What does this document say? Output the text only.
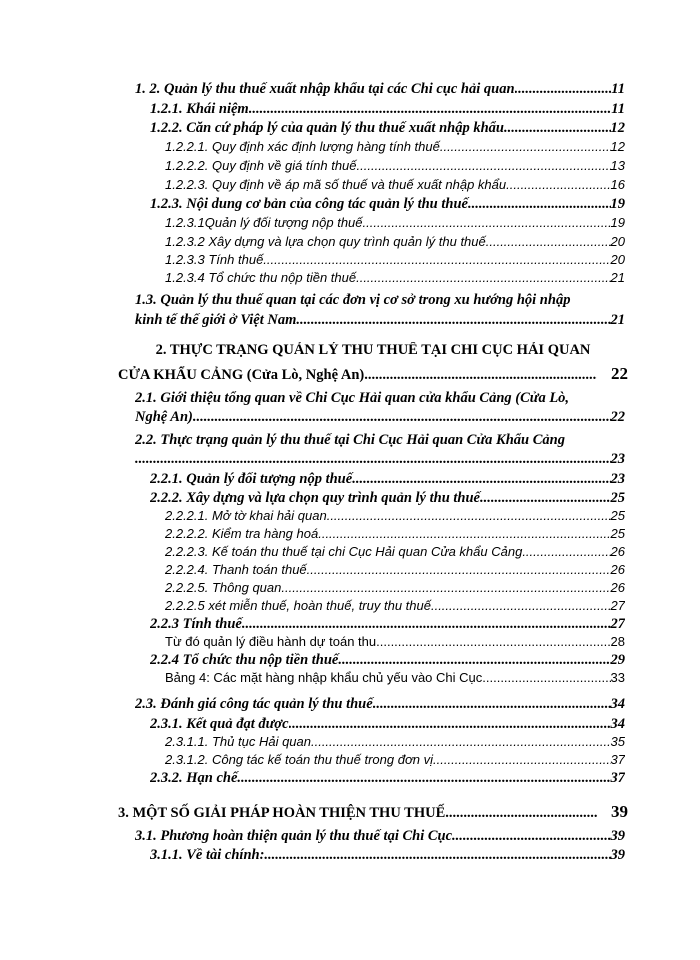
1. 2. Quản lý thu thuế xuất nhập khẩu tại các Chi cục hải quan .....	11
1.2.1. Khái niệm .....	11
1.2.2. Căn cứ pháp lý của quản lý thu thuế xuất nhập khẩu .....	12
1.2.2.1. Quy định xác định lượng hàng tính thuế .....	12
1.2.2.2. Quy định về giá tính thuế .....	13
1.2.2.3. Quy định về áp mã số thuế và thuế xuất nhập khẩu .....	16
1.2.3. Nội dung cơ bản của công tác quản lý thu thuế .....	19
1.2.3.1Quản lý đối tượng nộp thuế .....	19
1.2.3.2 Xây dựng và lựa chọn quy trình quản lý thu thuế .....	20
1.2.3.3 Tính thuế .....	20
1.2.3.4 Tổ chức thu nộp tiền thuế .....	21
1.3. Quản lý thu thuế quan tại các đơn vị cơ sở trong xu hướng hội nhập
kinh tế thế giới ở Việt Nam .....	21
2. THỰC TRẠNG QUẢN LÝ THU THUẾ TẠI CHI CỤC HẢI QUAN
CỬA KHẨU CẢNG (Cửa Lò, Nghệ An) .....	22
2.1. Giới thiệu tổng quan về Chi Cục Hải quan cửa khẩu Cảng (Cửa Lò,
Nghệ An) .....	22
2.2. Thực trạng quản lý thu thuế tại Chi Cục Hải quan Cửa Khẩu Cảng
.....
23
2.2.1. Quản lý đối tượng nộp thuế .....	23
2.2.2. Xây dựng và lựa chọn quy trình quản lý thu thuế .....	25
2.2.2.1. Mở tờ khai hải quan .....	25
2.2.2.2. Kiểm tra hàng hoá .....	25
2.2.2.3. Kế toán thu thuế tại chi Cục Hải quan Cửa khẩu Cảng .....	26
2.2.2.4. Thanh toán thuế .....	26
2.2.2.5. Thông quan .....	26
2.2.2.5 xét miễn thuế, hoàn thuế, truy thu thuế .....	27
2.2.3 Tính thuế .....	27
Từ đó quản lý điều hành dự toán thu .....	28
2.2.4 Tổ chức thu nộp tiền thuế .....	29
Bảng 4: Các mặt hàng nhập khẩu chủ yếu vào Chi Cục .....	33
2.3. Đánh giá công tác quản lý thu thuế .....	34
2.3.1. Kết quả đạt được .....	34
2.3.1.1. Thủ tục Hải quan .....	35
2.3.1.2. Công tác kế toán thu thuế trong đơn vị .....	37
2.3.2. Hạn chế .....	37
3. MỘT SỐ GIẢI PHÁP HOÀN THIỆN THU THUẾ .....	39
3.1. Phương hoàn thiện quản lý thu thuế tại Chi Cục .....	39
3.1.1. Về tài chính: .....	39
